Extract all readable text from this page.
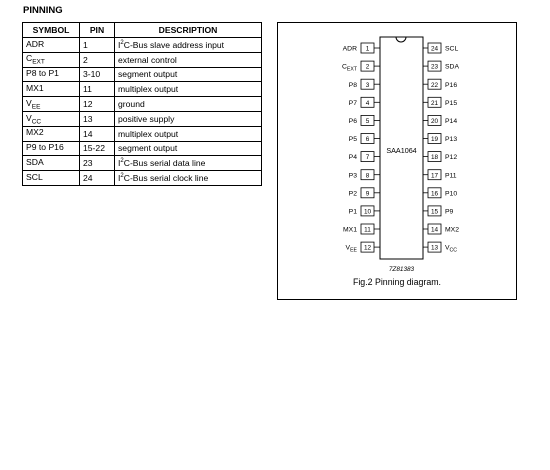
PINNING
SYMBOL	PIN	DESCRIPTION
ADR	1	$I^2C$-Bus slave address input
$C_{EXT}$	2	external control
P8 to P1	3-10	segment output
MX1	11	multiplex output
$V_{EE}$	12	ground
$V_{CC}$	13	positive supply
MX2	14	multiplex output
P9 to P16	15-22	segment output
SDA	23	$I^2C$-Bus serial data line
SCL	24	$I^2C$-Bus serial clock line
SAA1064
7Z81383
1
ADR
2
$C_{EXT}$
3
P8
4
P7
5
P6
6
P5
7
P4
8
P3
9
P2
10
P1
11
MX1
12
$V_{EE}$
24 SCL
23 SDA
22 P16
21 P15
20 P14
19 P13
18 P12
17 P11
16 P10
15 P9
14 MX2
13 $V_{CC}$
Fig.2 Pinning diagram.
